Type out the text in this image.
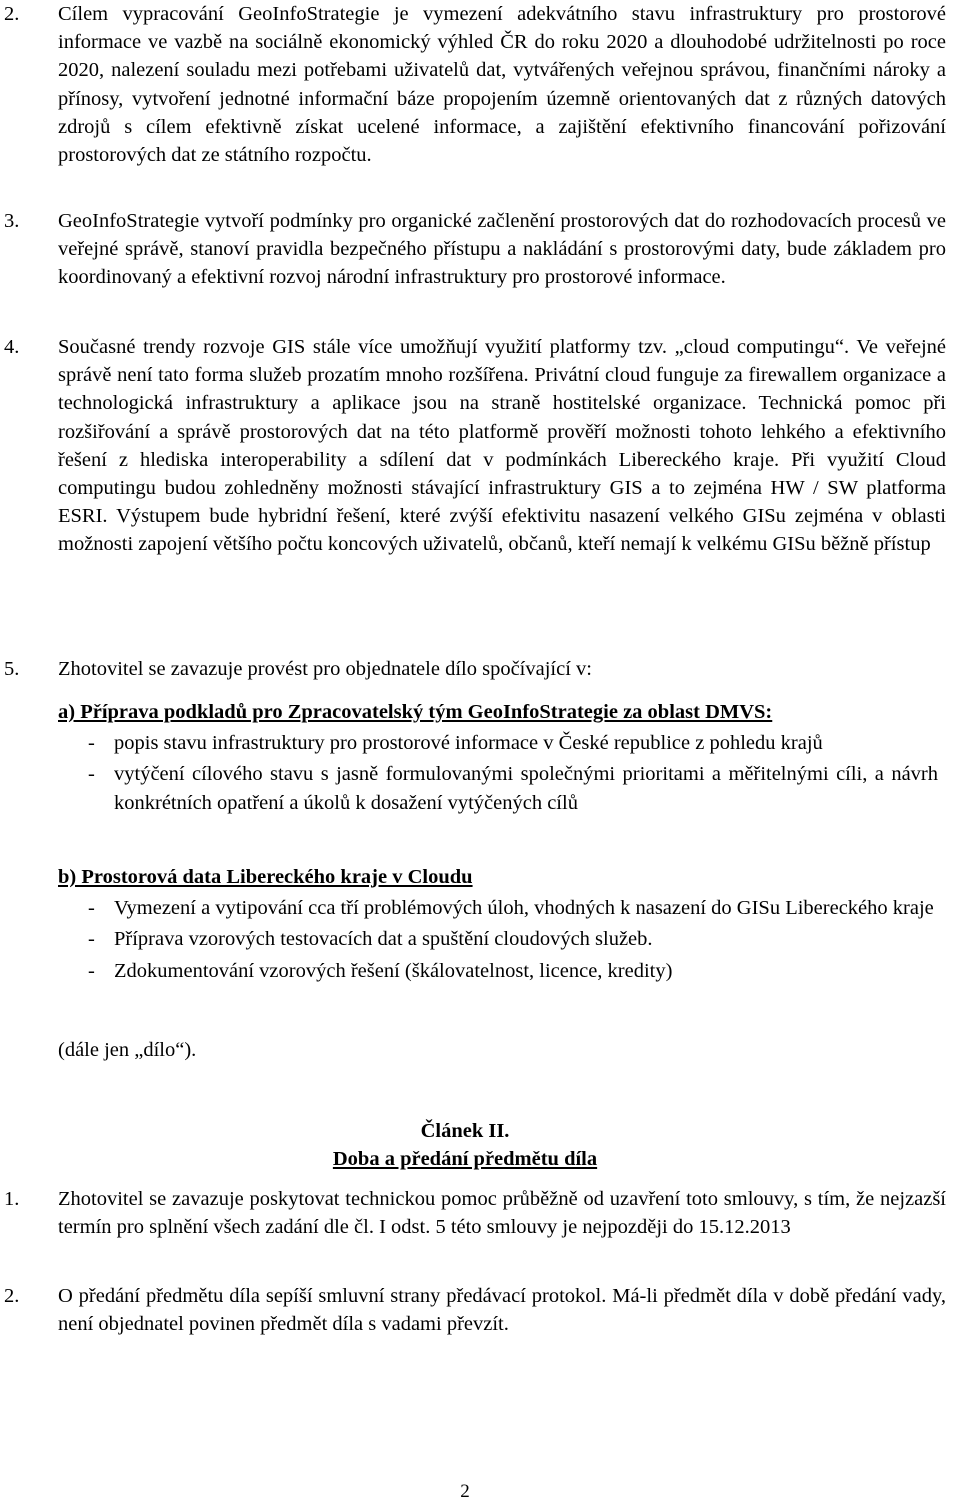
2. Cílem vypracování GeoInfoStrategie je vymezení adekvátního stavu infrastruktury pro prostorové informace ve vazbě na sociálně ekonomický výhled ČR do roku 2020 a dlouhodobé udržitelnosti po roce 2020, nalezení souladu mezi potřebami uživatelů dat, vytvářených veřejnou správou, finančními nároky a přínosy, vytvoření jednotné informační báze propojením územně orientovaných dat z různých datových zdrojů s cílem efektivně získat ucelené informace, a zajištění efektivního financování pořizování prostorových dat ze státního rozpočtu.
3. GeoInfoStrategie vytvoří podmínky pro organické začlenění prostorových dat do rozhodovacích procesů ve veřejné správě, stanoví pravidla bezpečného přístupu a nakládání s prostorovými daty, bude základem pro koordinovaný a efektivní rozvoj národní infrastruktury pro prostorové informace.
4. Současné trendy rozvoje GIS stále více umožňují využití platformy tzv. „cloud computingu“. Ve veřejné správě není tato forma služeb prozatím mnoho rozšířena. Privátní cloud funguje za firewallem organizace a technologická infrastruktury a aplikace jsou na straně hostitelské organizace. Technická pomoc při rozšiřování a správě prostorových dat na této platformě prověří možnosti tohoto lehkého a efektivního řešení z hlediska interoperability a sdílení dat v podmínkách Libereckého kraje. Při využití Cloud computingu budou zohledněny možnosti stávající infrastruktury GIS a to zejména HW / SW platforma ESRI. Výstupem bude hybridní řešení, které zvýší efektivitu nasazení velkého GISu zejména v oblasti možnosti zapojení většího počtu koncových uživatelů, občanů, kteří nemají k velkému GISu běžně přístup
5. Zhotovitel se zavazuje provést pro objednatele dílo spočívající v:
a) Příprava podkladů pro Zpracovatelský tým GeoInfoStrategie za oblast DMVS:
- popis stavu infrastruktury pro prostorové informace v České republice z pohledu krajů
- vytýčení cílového stavu s jasně formulovanými společnými prioritami a měřitelnými cíli, a návrh konkrétních opatření a úkolů k dosažení vytýčených cílů
b) Prostorová data Libereckého kraje v Cloudu
- Vymezení a vytipování cca tří problémových úloh, vhodných k nasazení do GISu Libereckého kraje
- Příprava vzorových testovacích dat a spuštění cloudových služeb.
- Zdokumentování vzorových řešení (škálovatelnost, licence, kredity)
(dále jen „dílo“).
Článek II.
Doba a předání předmětu díla
1. Zhotovitel se zavazuje poskytovat technickou pomoc průběžně od uzavření toto smlouvy, s tím, že nejzazší termín pro splnění všech zadání dle čl. I odst. 5 této smlouvy je nejpozději do 15.12.2013
2. O předání předmětu díla sepíší smluvní strany předávací protokol. Má-li předmět díla v době předání vady, není objednatel povinen předmět díla s vadami převzít.
2
